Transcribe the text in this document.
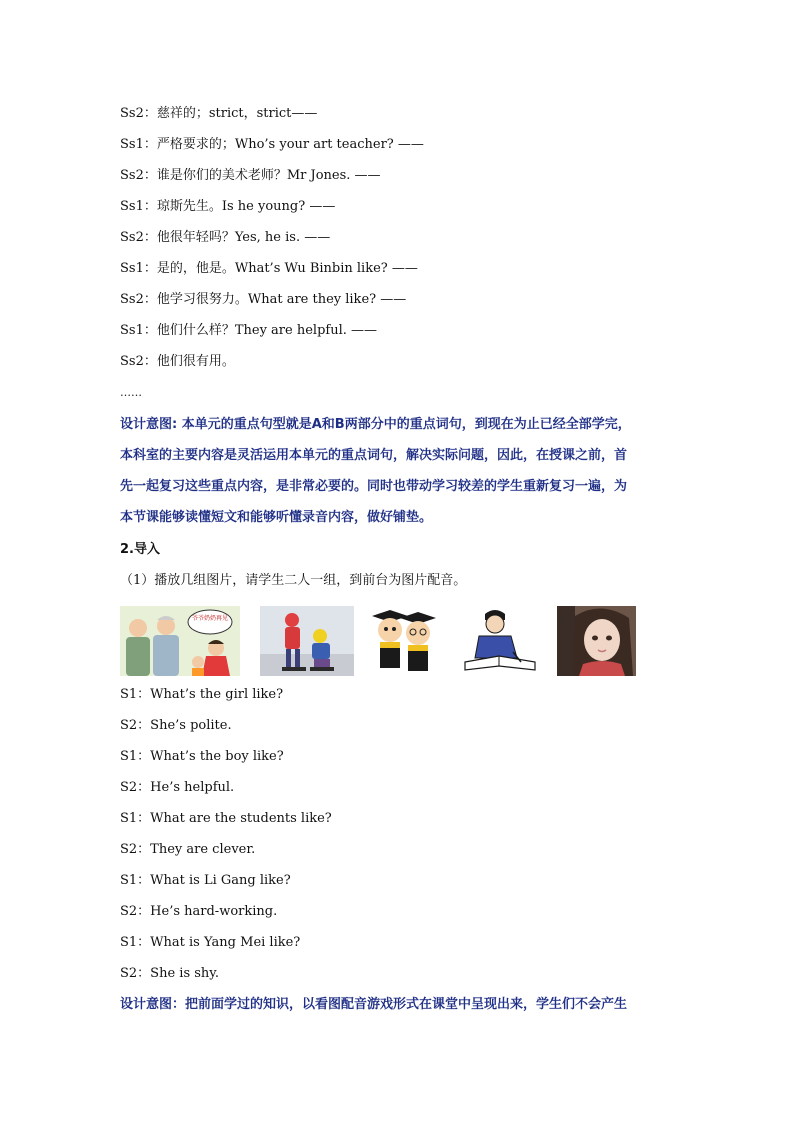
Ss2：慈祥的；strict，strict——

Ss1：严格要求的；Who’s your art teacher? ——

Ss2：谁是你们的美术老师？Mr Jones. ——

Ss1：琼斯先生。Is he young? ——

Ss2：他很年轻吗？Yes, he is. ——

Ss1：是的，他是。What’s Wu Binbin like? ——

Ss2：他学习很努力。What are they like? ——

Ss1：他们什么样？They are helpful. ——

Ss2：他们很有用。

……

设计意图: 本单元的重点句型就是A和B两部分中的重点词句，到现在为止已经全部学完，

本科室的主要内容是灵活运用本单元的重点词句，解决实际问题，因此，在授课之前，首

先一起复习这些重点内容，是非常必要的。同时也带动学习较差的学生重新复习一遍，为

本节课能够读懂短文和能够听懂录音内容，做好铺垫。

2.导入

（1）播放几组图片，请学生二人一组，到前台为图片配音。

爷爷奶奶再见

S1：What’s the girl like?

S2：She’s polite.

S1：What’s the boy like?

S2：He’s helpful.

S1：What are the students like?

S2：They are clever.

S1：What is Li Gang like?

S2：He’s hard-working.

S1：What is Yang Mei like?

S2：She is shy.

设计意图：把前面学过的知识，以看图配音游戏形式在课堂中呈现出来，学生们不会产生
